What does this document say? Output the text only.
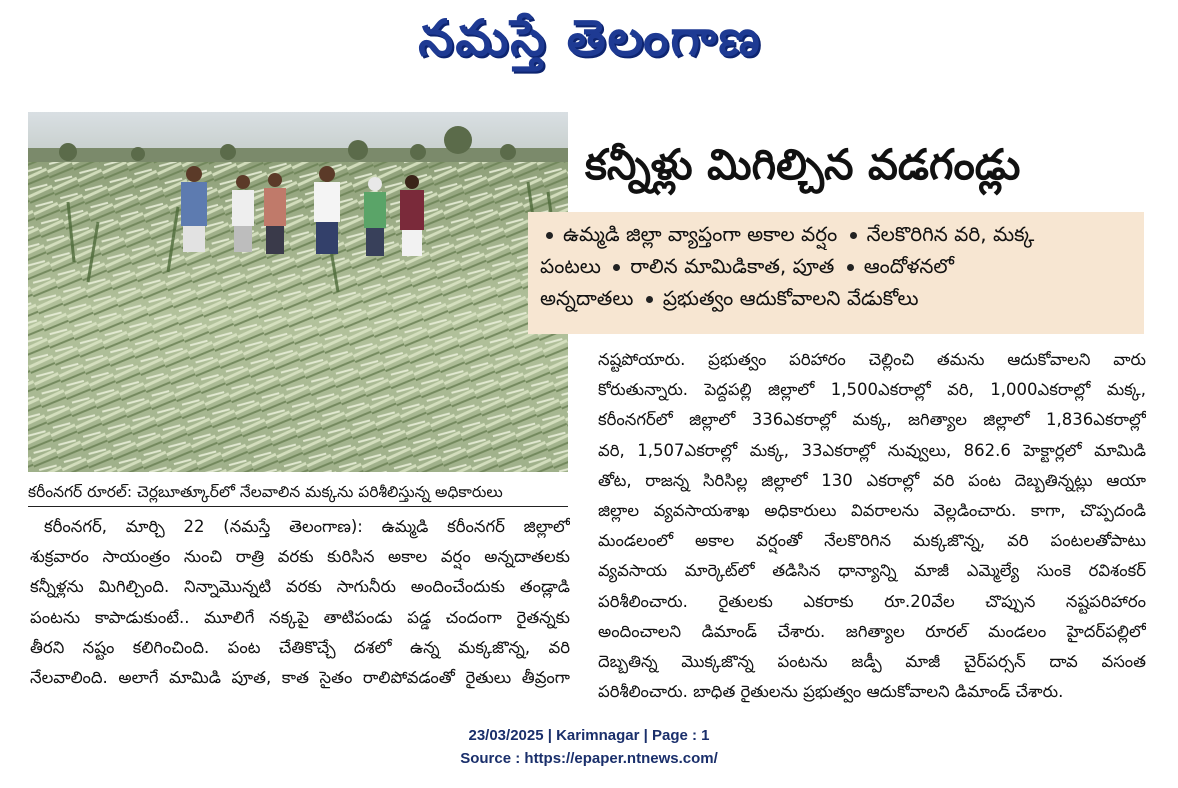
నమస్తే తెలంగాణ
కరీంనగర్ రూరల్: చెర్లబూత్కూర్‌లో నేలవాలిన మక్కను పరిశీలిస్తున్న అధికారులు
కన్నీళ్లు మిగిల్చిన వడగండ్లు
ఉమ్మడి జిల్లా వ్యాప్తంగా అకాల వర్షం నేలకొరిగిన వరి, మక్క
పంటలు రాలిన మామిడికాత, పూత ఆందోళనలో
అన్నదాతలు ప్రభుత్వం ఆదుకోవాలని వేడుకోలు
కరీంనగర్, మార్చి 22 (నమస్తే తెలంగాణ): ఉమ్మడి కరీంనగర్ జిల్లాలో
శుక్రవారం సాయంత్రం నుంచి రాత్రి వరకు కురిసిన అకాల వర్షం అన్నదాతలకు
కన్నీళ్లను మిగిల్చింది. నిన్నామొన్నటి వరకు సాగునీరు అందించేందుకు తండ్లాడి
పంటను కాపాడుకుంటే.. మూలిగే నక్కపై తాటిపండు పడ్డ చందంగా రైతన్నకు
తీరని నష్టం కలిగించింది. పంట చేతికొచ్చే దశలో ఉన్న మక్కజొన్న, వరి
నేలవాలింది. అలాగే మామిడి పూత, కాత సైతం రాలిపోవడంతో రైతులు తీవ్రంగా
నష్టపోయారు. ప్రభుత్వం పరిహారం చెల్లించి తమను ఆదుకోవాలని వారు
కోరుతున్నారు. పెద్దపల్లి జిల్లాలో 1,500ఎకరాల్లో వరి, 1,000ఎకరాల్లో మక్క,
కరీంనగర్‌లో జిల్లాలో 336ఎకరాల్లో మక్క, జగిత్యాల జిల్లాలో 1,836ఎకరాల్లో
వరి, 1,507ఎకరాల్లో మక్క, 33ఎకరాల్లో నువ్వులు, 862.6 హెక్టార్లలో మామిడి
తోట, రాజన్న సిరిసిల్ల జిల్లాలో 130 ఎకరాల్లో వరి పంట దెబ్బతిన్నట్లు ఆయా
జిల్లాల వ్యవసాయశాఖ అధికారులు వివరాలను వెల్లడించారు. కాగా, చొప్పదండి
మండలంలో అకాల వర్షంతో నేలకొరిగిన మక్కజొన్న, వరి పంటలతోపాటు
వ్యవసాయ మార్కెట్‌లో తడిసిన ధాన్యాన్ని మాజీ ఎమ్మెల్యే సుంకె రవిశంకర్
పరిశీలించారు. రైతులకు ఎకరాకు రూ.20వేల చొప్పున నష్టపరిహారం
అందించాలని డిమాండ్ చేశారు. జగిత్యాల రూరల్ మండలం హైదర్‌పల్లిలో
దెబ్బతిన్న మొక్కజొన్న పంటను జడ్పీ మాజీ చైర్‌పర్సన్ దావ వసంత
పరిశీలించారు. బాధిత రైతులను ప్రభుత్వం ఆదుకోవాలని డిమాండ్ చేశారు.
23/03/2025 | Karimnagar | Page : 1
Source : https://epaper.ntnews.com/
